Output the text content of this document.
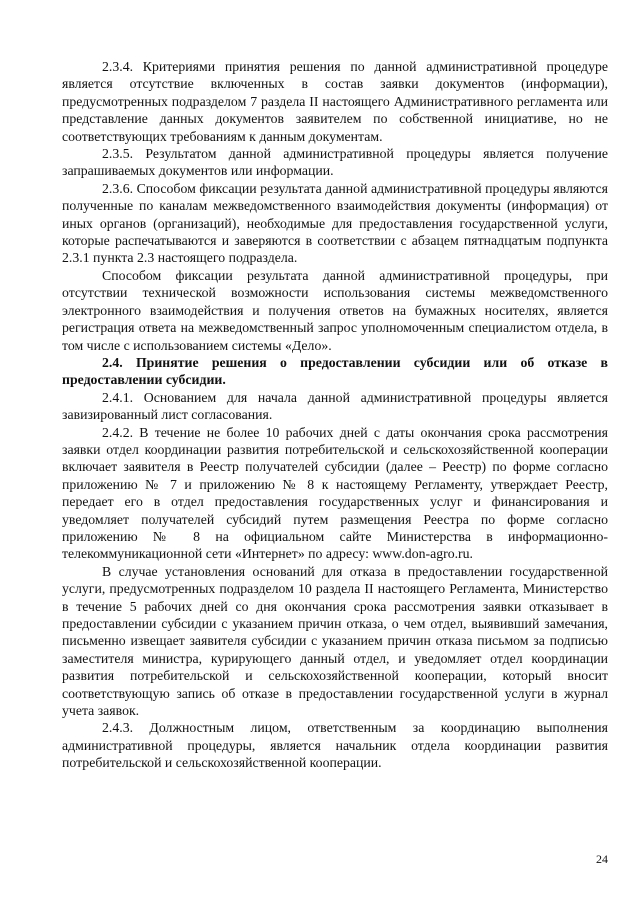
2.3.4. Критериями принятия решения по данной административной процедуре является отсутствие включенных в состав заявки документов (информации), предусмотренных подразделом 7 раздела II настоящего Административного регламента или представление данных документов заявителем по собственной инициативе, но не соответствующих требованиям к данным документам.

2.3.5. Результатом данной административной процедуры является получение запрашиваемых документов или информации.

2.3.6. Способом фиксации результата данной административной процедуры являются полученные по каналам межведомственного взаимодействия документы (информация) от иных органов (организаций), необходимые для предоставления государственной услуги, которые распечатываются и заверяются в соответствии с абзацем пятнадцатым подпункта 2.3.1 пункта 2.3 настоящего подраздела.

Способом фиксации результата данной административной процедуры, при отсутствии технической возможности использования системы межведомственного электронного взаимодействия и получения ответов на бумажных носителях, является регистрация ответа на межведомственный запрос уполномоченным специалистом отдела, в том числе с использованием системы «Дело».

2.4. Принятие решения о предоставлении субсидии или об отказе в предоставлении субсидии.

2.4.1. Основанием для начала данной административной процедуры является завизированный лист согласования.

2.4.2. В течение не более 10 рабочих дней с даты окончания срока рассмотрения заявки отдел координации развития потребительской и сельскохозяйственной кооперации включает заявителя в Реестр получателей субсидии (далее – Реестр) по форме согласно приложению № 7 и приложению № 8 к настоящему Регламенту, утверждает Реестр, передает его в отдел предоставления государственных услуг и финансирования и уведомляет получателей субсидий путем размещения Реестра по форме согласно приложению № 8 на официальном сайте Министерства в информационно-телекоммуникационной сети «Интернет» по адресу: www.don-agro.ru.

В случае установления оснований для отказа в предоставлении государственной услуги, предусмотренных подразделом 10 раздела II настоящего Регламента, Министерство в течение 5 рабочих дней со дня окончания срока рассмотрения заявки отказывает в предоставлении субсидии с указанием причин отказа, о чем отдел, выявивший замечания, письменно извещает заявителя субсидии с указанием причин отказа письмом за подписью заместителя министра, курирующего данный отдел, и уведомляет отдел координации развития потребительской и сельскохозяйственной кооперации, который вносит соответствующую запись об отказе в предоставлении государственной услуги в журнал учета заявок.

2.4.3. Должностным лицом, ответственным за координацию выполнения административной процедуры, является начальник отдела координации развития потребительской и сельскохозяйственной кооперации.

24
